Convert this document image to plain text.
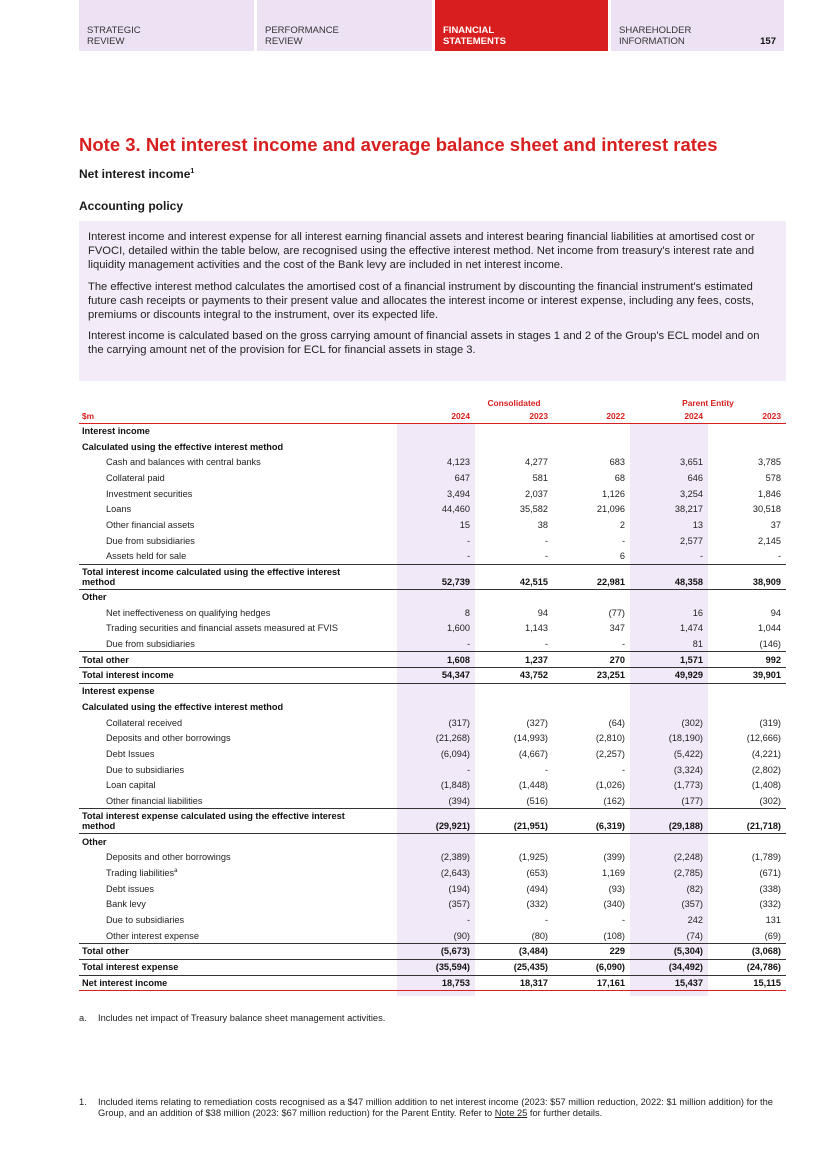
STRATEGIC
REVIEW
PERFORMANCE
REVIEW
FINANCIAL
STATEMENTS
SHAREHOLDER
INFORMATION	157
Note 3. Net interest income and average balance sheet and interest rates
Net interest income$^1$
Accounting policy

Interest income and interest expense for all interest earning financial assets and interest bearing financial liabilities at amortised cost or FVOCI, detailed within the table below, are recognised using the effective interest method. Net income from treasury's interest rate and liquidity management activities and the cost of the Bank levy are included in net interest income.

The effective interest method calculates the amortised cost of a financial instrument by discounting the financial instrument's estimated future cash receipts or payments to their present value and allocates the interest income or interest expense, including any fees, costs, premiums or discounts integral to the instrument, over its expected life.

Interest income is calculated based on the gross carrying amount of financial assets in stages 1 and 2 of the Group's ECL model and on the carrying amount net of the provision for ECL for financial assets in stage 3.

		Consolidated		Parent Entity	
$m	2024	2023	2022	2024	2023
Interest income					
Calculated using the effective interest method					
Cash and balances with central banks	4,123	4,277	683	3,651	3,785
Collateral paid	647	581	68	646	578
Investment securities	3,494	2,037	1,126	3,254	1,846
Loans	44,460	35,582	21,096	38,217	30,518
Other financial assets	15	38	2	13	37
Due from subsidiaries	-	-	-	2,577	2,145
Assets held for sale	-	-	6	-	-
Total interest income calculated using the effective interest method	52,739	42,515	22,981	48,358	38,909
Other					
Net ineffectiveness on qualifying hedges	8	94	(77)	16	94
Trading securities and financial assets measured at FVIS	1,600	1,143	347	1,474	1,044
Due from subsidiaries	-	-	-	81	(146)
Total other	1,608	1,237	270	1,571	992
Total interest income	54,347	43,752	23,251	49,929	39,901
Interest expense					
Calculated using the effective interest method					
Collateral received	(317)	(327)	(64)	(302)	(319)
Deposits and other borrowings	(21,268)	(14,993)	(2,810)	(18,190)	(12,666)
Debt Issues	(6,094)	(4,667)	(2,257)	(5,422)	(4,221)
Due to subsidiaries	-	-	-	(3,324)	(2,802)
Loan capital	(1,848)	(1,448)	(1,026)	(1,773)	(1,408)
Other financial liabilities	(394)	(516)	(162)	(177)	(302)
Total interest expense calculated using the effective interest method	(29,921)	(21,951)	(6,319)	(29,188)	(21,718)
Other					
Deposits and other borrowings	(2,389)	(1,925)	(399)	(2,248)	(1,789)
Trading liabilities$^a$	(2,643)	(653)	1,169	(2,785)	(671)
Debt issues	(194)	(494)	(93)	(82)	(338)
Bank levy	(357)	(332)	(340)	(357)	(332)
Due to subsidiaries	-	-	-	242	131
Other interest expense	(90)	(80)	(108)	(74)	(69)
Total other	(5,673)	(3,484)	229	(5,304)	(3,068)
Total interest expense	(35,594)	(25,435)	(6,090)	(34,492)	(24,786)
Net interest income	18,753	18,317	17,161	15,437	15,115
a. Includes net impact of Treasury balance sheet management activities.
1. Included items relating to remediation costs recognised as a $47 million addition to net interest income (2023: $57 million reduction, 2022: $1 million addition) for the Group, and an addition of $38 million (2023: $67 million reduction) for the Parent Entity. Refer to Note 25 for further details.
